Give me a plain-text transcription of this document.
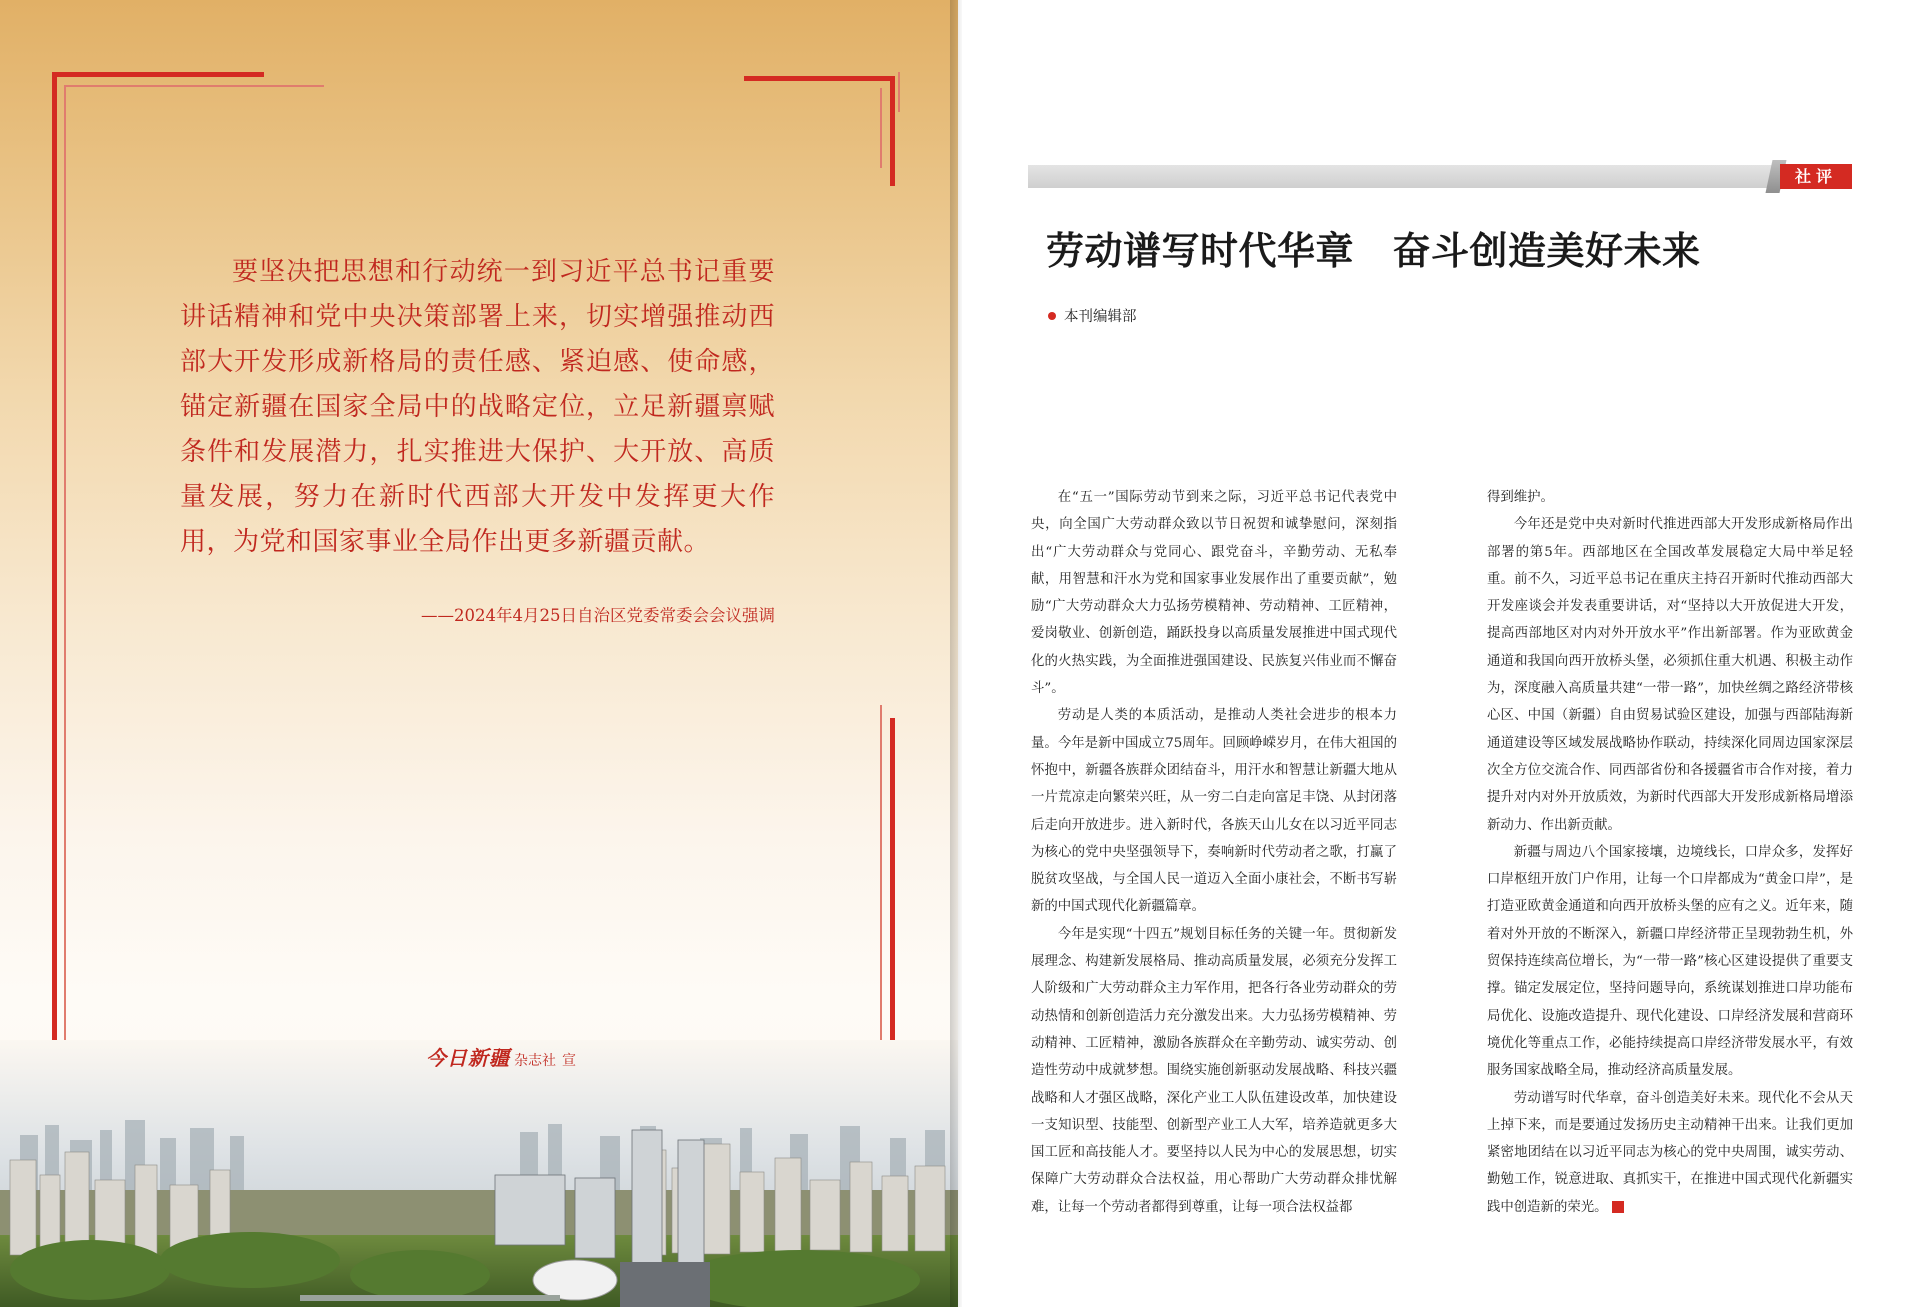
要坚决把思想和行动统一到习近平总书记重要讲话精神和党中央决策部署上来，切实增强推动西部大开发形成新格局的责任感、紧迫感、使命感，锚定新疆在国家全局中的战略定位，立足新疆禀赋条件和发展潜力，扎实推进大保护、大开放、高质量发展，努力在新时代西部大开发中发挥更大作用，为党和国家事业全局作出更多新疆贡献。
——2024年4月25日自治区党委常委会会议强调
今日新疆 杂志社 宣
社评
劳动谱写时代华章　奋斗创造美好未来
本刊编辑部

在“五一”国际劳动节到来之际，习近平总书记代表党中央，向全国广大劳动群众致以节日祝贺和诚挚慰问，深刻指出“广大劳动群众与党同心、跟党奋斗，辛勤劳动、无私奉献，用智慧和汗水为党和国家事业发展作出了重要贡献”，勉励“广大劳动群众大力弘扬劳模精神、劳动精神、工匠精神，爱岗敬业、创新创造，踊跃投身以高质量发展推进中国式现代化的火热实践，为全面推进强国建设、民族复兴伟业而不懈奋斗”。

劳动是人类的本质活动，是推动人类社会进步的根本力量。今年是新中国成立75周年。回顾峥嵘岁月，在伟大祖国的怀抱中，新疆各族群众团结奋斗，用汗水和智慧让新疆大地从一片荒凉走向繁荣兴旺，从一穷二白走向富足丰饶、从封闭落后走向开放进步。进入新时代，各族天山儿女在以习近平同志为核心的党中央坚强领导下，奏响新时代劳动者之歌，打赢了脱贫攻坚战，与全国人民一道迈入全面小康社会，不断书写崭新的中国式现代化新疆篇章。

今年是实现“十四五”规划目标任务的关键一年。贯彻新发展理念、构建新发展格局、推动高质量发展，必须充分发挥工人阶级和广大劳动群众主力军作用，把各行各业劳动群众的劳动热情和创新创造活力充分激发出来。大力弘扬劳模精神、劳动精神、工匠精神，激励各族群众在辛勤劳动、诚实劳动、创造性劳动中成就梦想。围绕实施创新驱动发展战略、科技兴疆战略和人才强区战略，深化产业工人队伍建设改革，加快建设一支知识型、技能型、创新型产业工人大军，培养造就更多大国工匠和高技能人才。要坚持以人民为中心的发展思想，切实保障广大劳动群众合法权益，用心帮助广大劳动群众排忧解难，让每一个劳动者都得到尊重，让每一项合法权益都

得到维护。

今年还是党中央对新时代推进西部大开发形成新格局作出部署的第5年。西部地区在全国改革发展稳定大局中举足轻重。前不久，习近平总书记在重庆主持召开新时代推动西部大开发座谈会并发表重要讲话，对“坚持以大开放促进大开发，提高西部地区对内对外开放水平”作出新部署。作为亚欧黄金通道和我国向西开放桥头堡，必须抓住重大机遇、积极主动作为，深度融入高质量共建“一带一路”，加快丝绸之路经济带核心区、中国（新疆）自由贸易试验区建设，加强与西部陆海新通道建设等区域发展战略协作联动，持续深化同周边国家深层次全方位交流合作、同西部省份和各援疆省市合作对接，着力提升对内对外开放质效，为新时代西部大开发形成新格局增添新动力、作出新贡献。

新疆与周边八个国家接壤，边境线长，口岸众多，发挥好口岸枢纽开放门户作用，让每一个口岸都成为“黄金口岸”，是打造亚欧黄金通道和向西开放桥头堡的应有之义。近年来，随着对外开放的不断深入，新疆口岸经济带正呈现勃勃生机，外贸保持连续高位增长，为“一带一路”核心区建设提供了重要支撑。锚定发展定位，坚持问题导向，系统谋划推进口岸功能布局优化、设施改造提升、现代化建设、口岸经济发展和营商环境优化等重点工作，必能持续提高口岸经济带发展水平，有效服务国家战略全局，推动经济高质量发展。

劳动谱写时代华章，奋斗创造美好未来。现代化不会从天上掉下来，而是要通过发扬历史主动精神干出来。让我们更加紧密地团结在以习近平同志为核心的党中央周围，诚实劳动、勤勉工作，锐意进取、真抓实干，在推进中国式现代化新疆实践中创造新的荣光。	J
